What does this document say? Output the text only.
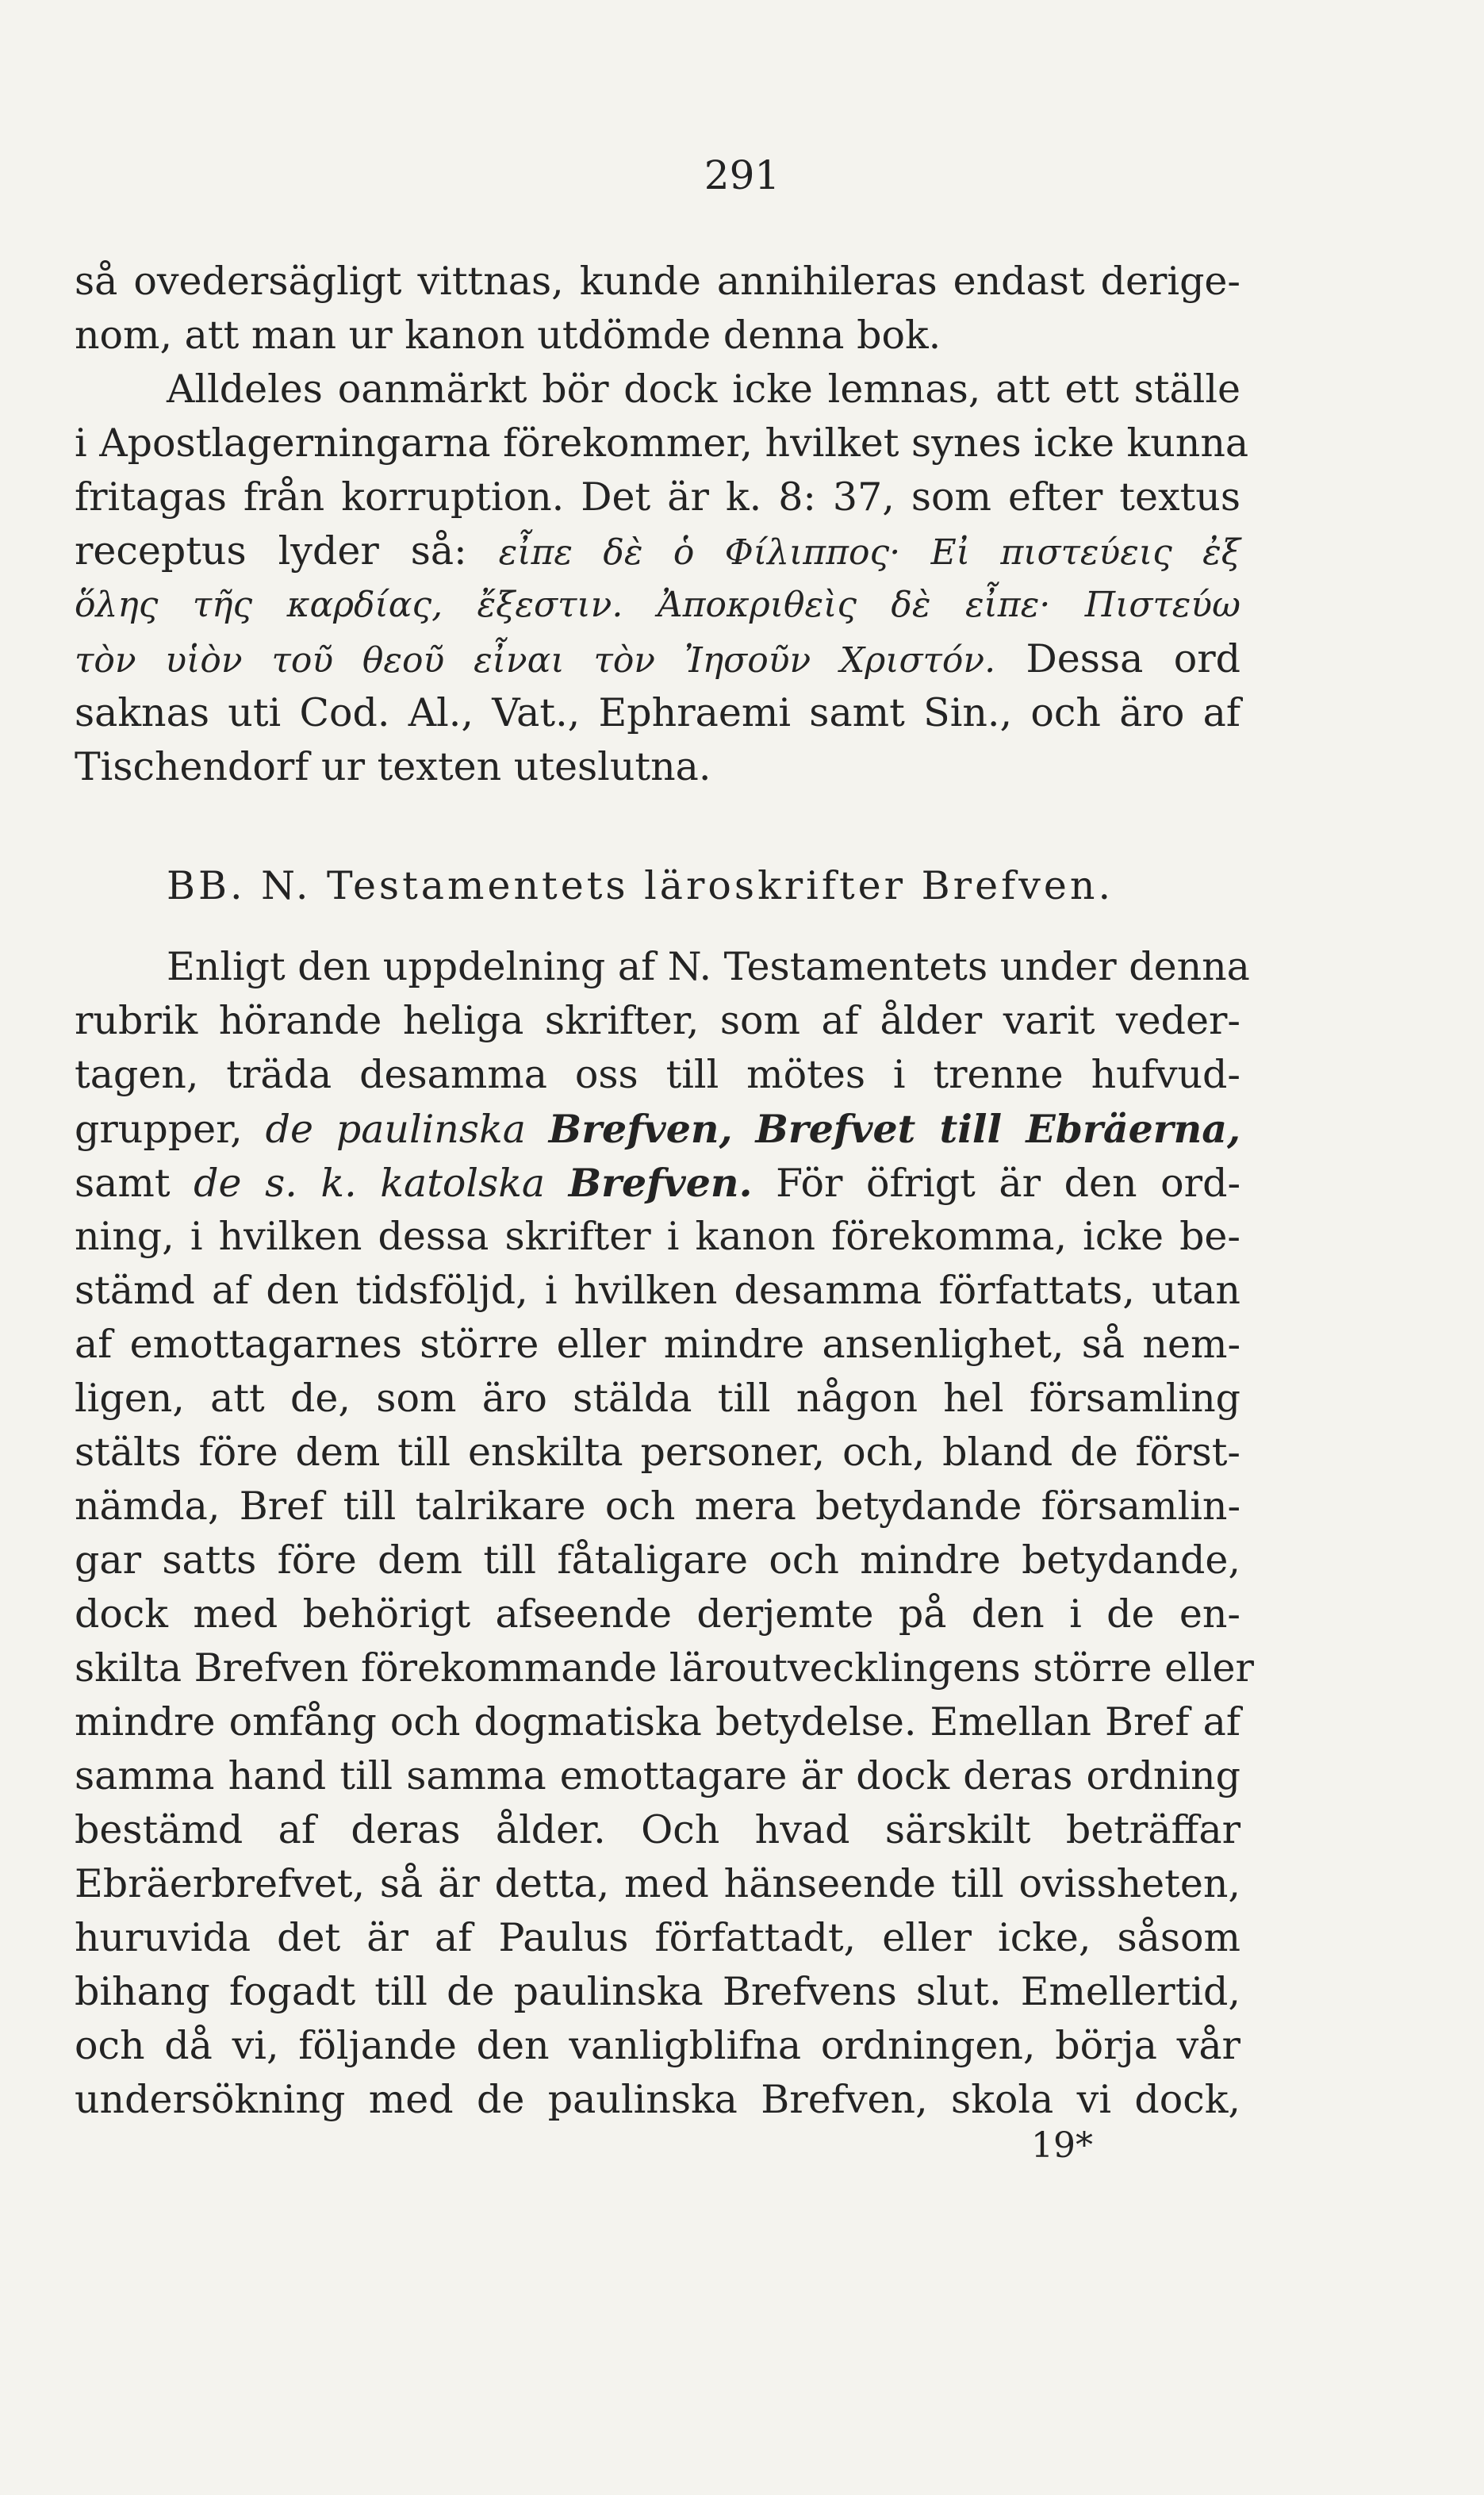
291
så ovedersägligt vittnas, kunde annihileras endast derige-
nom, att man ur kanon utdömde denna bok.
Alldeles oanmärkt bör dock icke lemnas, att ett ställe
i Apostlagerningarna förekommer, hvilket synes icke kunna
fritagas från korruption. Det är k. 8: 37, som efter textus
receptus lyder så: εἶπε δὲ ὁ Φίλιππος· Εἰ πιστεύεις ἐξ
ὅλης τῆς καρδίας, ἔξεστιν. Ἀποκριθεὶς δὲ εἶπε· Πιστεύω
τὸν υἱὸν τοῦ θεοῦ εἶναι τὸν Ἰησοῦν Χριστόν. Dessa ord
saknas uti Cod. Al., Vat., Ephraemi samt Sin., och äro af
Tischendorf ur texten uteslutna.
BB. N. Testamentets läroskrifter Brefven.
Enligt den uppdelning af N. Testamentets under denna
rubrik hörande heliga skrifter, som af ålder varit veder-
tagen, träda desamma oss till mötes i trenne hufvud-
grupper, de paulinska Brefven, Brefvet till Ebräerna,
samt de s. k. katolska Brefven. För öfrigt är den ord-
ning, i hvilken dessa skrifter i kanon förekomma, icke be-
stämd af den tidsföljd, i hvilken desamma författats, utan
af emottagarnes större eller mindre ansenlighet, så nem-
ligen, att de, som äro stälda till någon hel församling
stälts före dem till enskilta personer, och, bland de först-
nämda, Bref till talrikare och mera betydande församlin-
gar satts före dem till fåtaligare och mindre betydande,
dock med behörigt afseende derjemte på den i de en-
skilta Brefven förekommande läroutvecklingens större eller
mindre omfång och dogmatiska betydelse. Emellan Bref af
samma hand till samma emottagare är dock deras ordning
bestämd af deras ålder. Och hvad särskilt beträffar
Ebräerbrefvet, så är detta, med hänseende till ovissheten,
huruvida det är af Paulus författadt, eller icke, såsom
bihang fogadt till de paulinska Brefvens slut. Emellertid,
och då vi, följande den vanligblifna ordningen, börja vår
undersökning med de paulinska Brefven, skola vi dock,
19*
